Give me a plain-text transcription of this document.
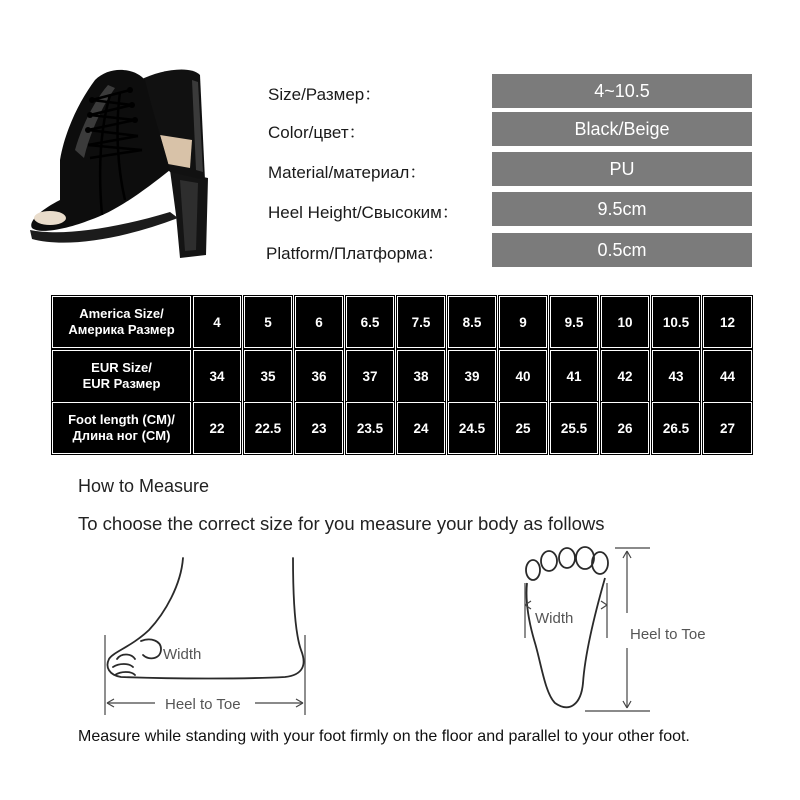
Size/Размер：	4~10.5
Color/цвет：	Black/Beige
Material/материал：	PU
Heel Height/Свысоким：	9.5cm
Platform/Платформа：	0.5cm
America Size/
Америка Размер	4	5	6	6.5	7.5	8.5	9	9.5	10	10.5	12
EUR Size/
EUR Размер	34	35	36	37	38	39	40	41	42	43	44
Foot length (CM)/
Длина ног (CM)	22	22.5	23	23.5	24	24.5	25	25.5	26	26.5	27
How to Measure
To choose the correct size for you measure your body as follows
Width
Heel to Toe
Width
Heel to Toe
Measure while standing with your foot firmly on the floor and parallel to your other foot.
